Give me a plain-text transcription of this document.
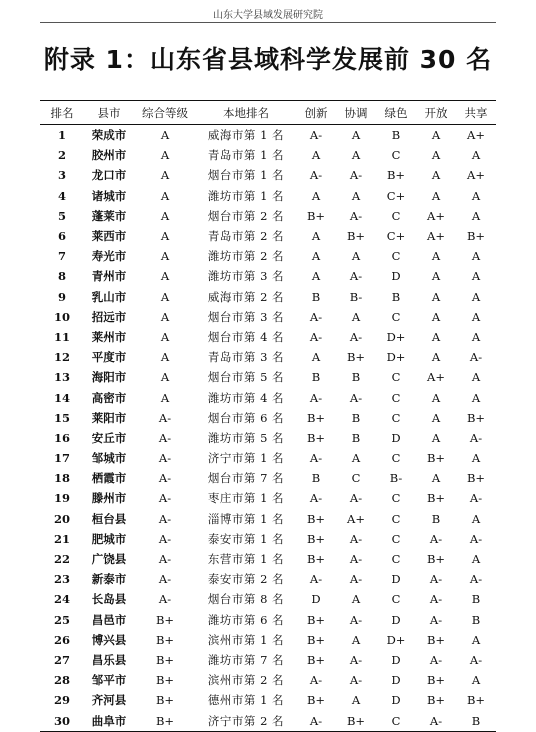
山东大学县域发展研究院
附录 1：山东省县域科学发展前 30 名
排名	县市	综合等级	本地排名	创新	协调	绿色	开放	共享
1	荣成市	A	威海市第 1 名	A-	A	B	A	A+
2	胶州市	A	青岛市第 1 名	A	A	C	A	A
3	龙口市	A	烟台市第 1 名	A-	A-	B+	A	A+
4	诸城市	A	潍坊市第 1 名	A	A	C+	A	A
5	蓬莱市	A	烟台市第 2 名	B+	A-	C	A+	A
6	莱西市	A	青岛市第 2 名	A	B+	C+	A+	B+
7	寿光市	A	潍坊市第 2 名	A	A	C	A	A
8	青州市	A	潍坊市第 3 名	A	A-	D	A	A
9	乳山市	A	威海市第 2 名	B	B-	B	A	A
10	招远市	A	烟台市第 3 名	A-	A	C	A	A
11	莱州市	A	烟台市第 4 名	A-	A-	D+	A	A
12	平度市	A	青岛市第 3 名	A	B+	D+	A	A-
13	海阳市	A	烟台市第 5 名	B	B	C	A+	A
14	高密市	A	潍坊市第 4 名	A-	A-	C	A	A
15	莱阳市	A-	烟台市第 6 名	B+	B	C	A	B+
16	安丘市	A-	潍坊市第 5 名	B+	B	D	A	A-
17	邹城市	A-	济宁市第 1 名	A-	A	C	B+	A
18	栖霞市	A-	烟台市第 7 名	B	C	B-	A	B+
19	滕州市	A-	枣庄市第 1 名	A-	A-	C	B+	A-
20	桓台县	A-	淄博市第 1 名	B+	A+	C	B	A
21	肥城市	A-	泰安市第 1 名	B+	A-	C	A-	A-
22	广饶县	A-	东营市第 1 名	B+	A-	C	B+	A
23	新泰市	A-	泰安市第 2 名	A-	A-	D	A-	A-
24	长岛县	A-	烟台市第 8 名	D	A	C	A-	B
25	昌邑市	B+	潍坊市第 6 名	B+	A-	D	A-	B
26	博兴县	B+	滨州市第 1 名	B+	A	D+	B+	A
27	昌乐县	B+	潍坊市第 7 名	B+	A-	D	A-	A-
28	邹平市	B+	滨州市第 2 名	A-	A-	D	B+	A
29	齐河县	B+	德州市第 1 名	B+	A	D	B+	B+
30	曲阜市	B+	济宁市第 2 名	A-	B+	C	A-	B
